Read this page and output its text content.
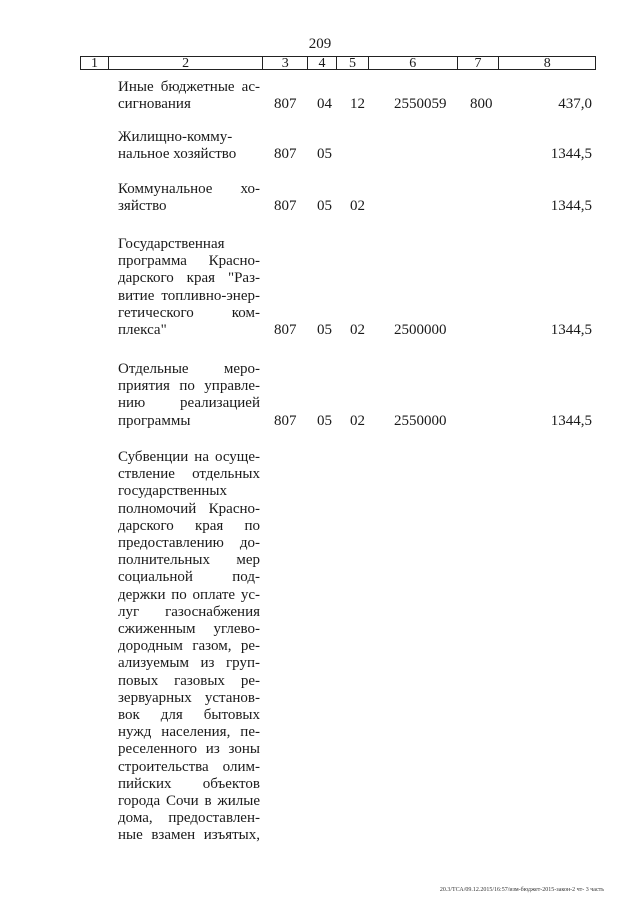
209
1	2	3	4	5	6	7	8
Иные бюджетные ас-
сигнования	807 04 12 2550059 800	437,0
Жилищно-комму-
нальное хозяйство	807 05	1344,5
Коммунальное хо-
зяйство	807 05 02	1344,5
Государственная
программа Красно-
дарского края "Раз-
витие топливно-энер-
гетического ком-
плекса"	807 05 02 2500000	1344,5
Отдельные меро-
приятия по управле-
нию реализацией
программы	807 05 02 2550000	1344,5
Субвенции на осуще-
ствление отдельных
государственных
полномочий Красно-
дарского края по
предоставлению до-
полнительных мер
социальной под-
держки по оплате ус-
луг газоснабжения
сжиженным углево-
дородным газом, ре-
ализуемым из груп-
повых газовых ре-
зервуарных установ-
вок для бытовых
нужд населения, пе-
реселенного из зоны
строительства олим-
пийских объектов
города Сочи в жилые
дома, предоставлен-
ные взамен изъятых,
20.3/ТСА/09.12.2015/16:57/изм-бюджет-2015-закон-2 чт- 3 часть
